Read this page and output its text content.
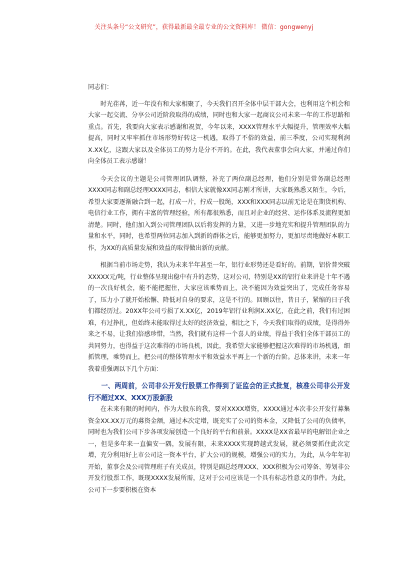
关注头条号“公文研究”，获得最新最全最专业的公文资料库！ 微信：gongwenyj

同志们：

时光荏苒，近一年没有和大家相聚了，今天我们召开全体中层干部大会，也利用这个机会和大家一起交流、分享公司近阶段取得的成绩，同时也和大家一起商议公司未来一年的工作思路和重点。首先，我要向大家表示感谢和祝贺，今年以来，XXXX管理水平大幅提升，管理效率大幅提高，同时又牢牢抓住市场形势好转这一机遇，取得了不俗的效益，前三季度，公司实现利润X.XX亿，这跟大家以及全体员工的努力是分不开的。在此，我代表董事会向大家，并通过你们向全体员工表示感谢！

今天会议的主题是公司管理团队调整，补充了两位副总经理，他们分别是常务副总经理XXXX同志和副总经理XXXX同志，相信大家就像XX同志刚才所讲，大家既熟悉又陌生，今后，希望大家要逐渐融合到一起，打成一片，拧成一股绳，XXX和XXX同志以前无论是在期货机构、电信行业工作，拥有丰富的管理经验，所有都很熟悉，而且对企业的经营、运作体系及流程更加清楚。同时，他们加入到公司管理团队以后将发挥的力量，又进一步地充实和提升管理团队的力量和水平，同时，也希望两位同志加入到新的群体之后，能够更加努力，更加尽责地做好本职工作，为XX的高质量发展和效益的取得做出新的贡献。

根据当前市场走势，我认为未来半年甚至一年，铝行业形势还是看好的。前期，铝价普突破XXXXX元/吨，行业整体呈现出稳中有升的态势，这对公司，特别是XX的铝行业来讲是十年不遇的一次良好机会，能不能把握住，大家应该乘势而上，决不能因为效益突出了，完成任务容易了，压力小了就开始松懈、降低对自身的要求，这是不行的。回顾以往，昔日子，紧缩的日子我们都经历过。20XX年公司亏损了X.XX亿，2019年铝行业利润X.XX亿，在此之前，我们有过困难，有过挣扎，但始终未能取得过太好的经济效益，相比之下，今天我们取得的成绩，是得得外来之不易，让我们倍感珍惜，当然，我们就有这样一个喜人的业绩，得益于我们全体干部员工的共同努力，也得益于这次难得的市场良机，因此，我希望大家能够把握这次难得的市场机遇，细抓管理，乘势而上，把公司的整体管理水平和效益水平再上一个新的台阶。总体来讲，未来一年我着重强调以下几个方面：

一、两周前，公司非公开发行股票工作得到了证监会的正式批复，核准公司非公开发行不超过XX、XXX万股新股

在未来有限的时间内，作为大股东的我，要对XXXX增资，XXXX通过本次非公开发行募集资金XX.XX万元的募资金额，通过本次定增，既充实了公司的资本金，又降低了公司的负债率，同时也为我们公司下步各项发展创造一个良好的平台和前景。XXXX是XX省最早的电解铝企业之一，但是多年来一直偏安一隅，发展有限，未来XXXX实现跨越式发展，就必须要抓住此次定增，充分利用好上市公司这一资本平台，扩大公司的规模，增强公司的实力，为此，从今年年初开始，董事会及公司管理班子有关成员，特别是副总经理XXX、XXX积极为公司筹备、筹划非公开发行股票工作，既现XXXX发展所需，这对于公司应该是一个具有标志性意义的事件。为此，公司下一步要积极在资本
